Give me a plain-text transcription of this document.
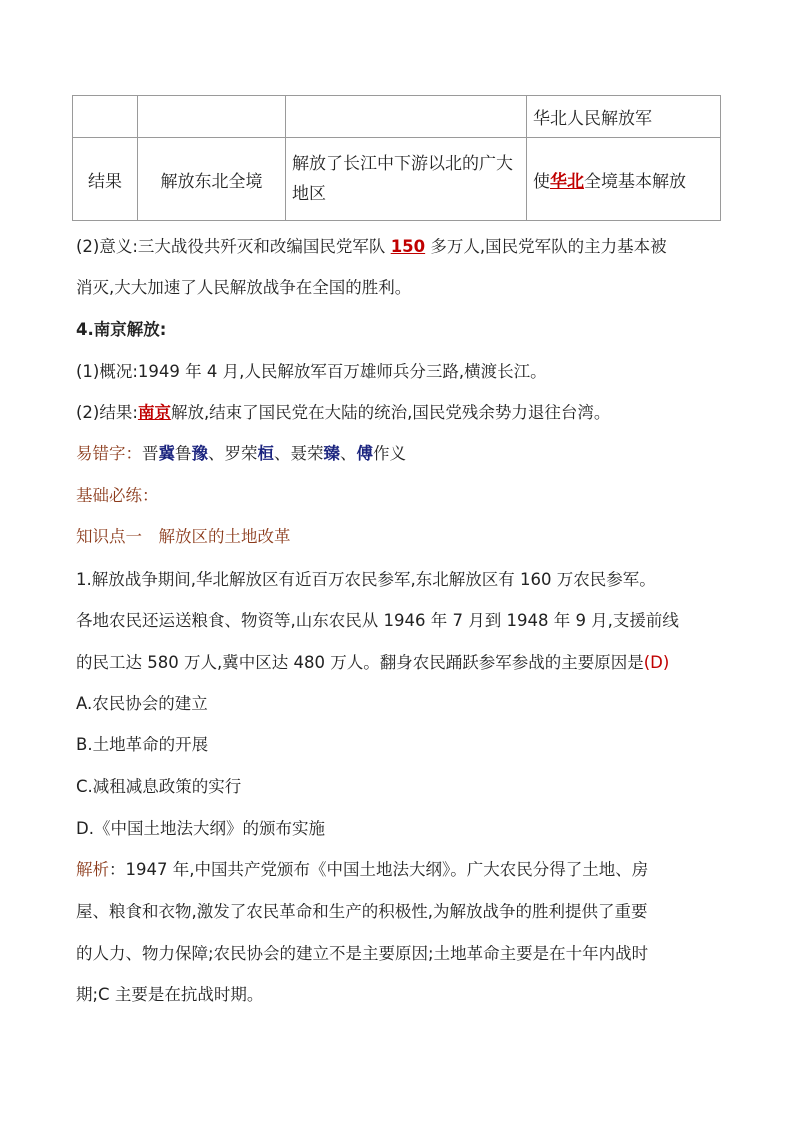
			华北人民解放军
结果	解放东北全境	解放了长江中下游以北的广大地区	使华北全境基本解放
(2)意义:三大战役共歼灭和改编国民党军队 150 多万人,国民党军队的主力基本被
消灭,大大加速了人民解放战争在全国的胜利。
4.南京解放:
(1)概况:1949 年 4 月,人民解放军百万雄师兵分三路,横渡长江。
(2)结果:南京解放,结束了国民党在大陆的统治,国民党残余势力退往台湾。
易错字：晋冀鲁豫、罗荣桓、聂荣臻、傅作义
基础必练：
知识点一　解放区的土地改革
1.解放战争期间,华北解放区有近百万农民参军,东北解放区有 160 万农民参军。
各地农民还运送粮食、物资等,山东农民从 1946 年 7 月到 1948 年 9 月,支援前线
的民工达 580 万人,冀中区达 480 万人。翻身农民踊跃参军参战的主要原因是(D)
A.农民协会的建立
B.土地革命的开展
C.减租减息政策的实行
D.《中国土地法大纲》的颁布实施
解析：1947 年,中国共产党颁布《中国土地法大纲》。广大农民分得了土地、房
屋、粮食和衣物,激发了农民革命和生产的积极性,为解放战争的胜利提供了重要
的人力、物力保障;农民协会的建立不是主要原因;土地革命主要是在十年内战时
期;C 主要是在抗战时期。
